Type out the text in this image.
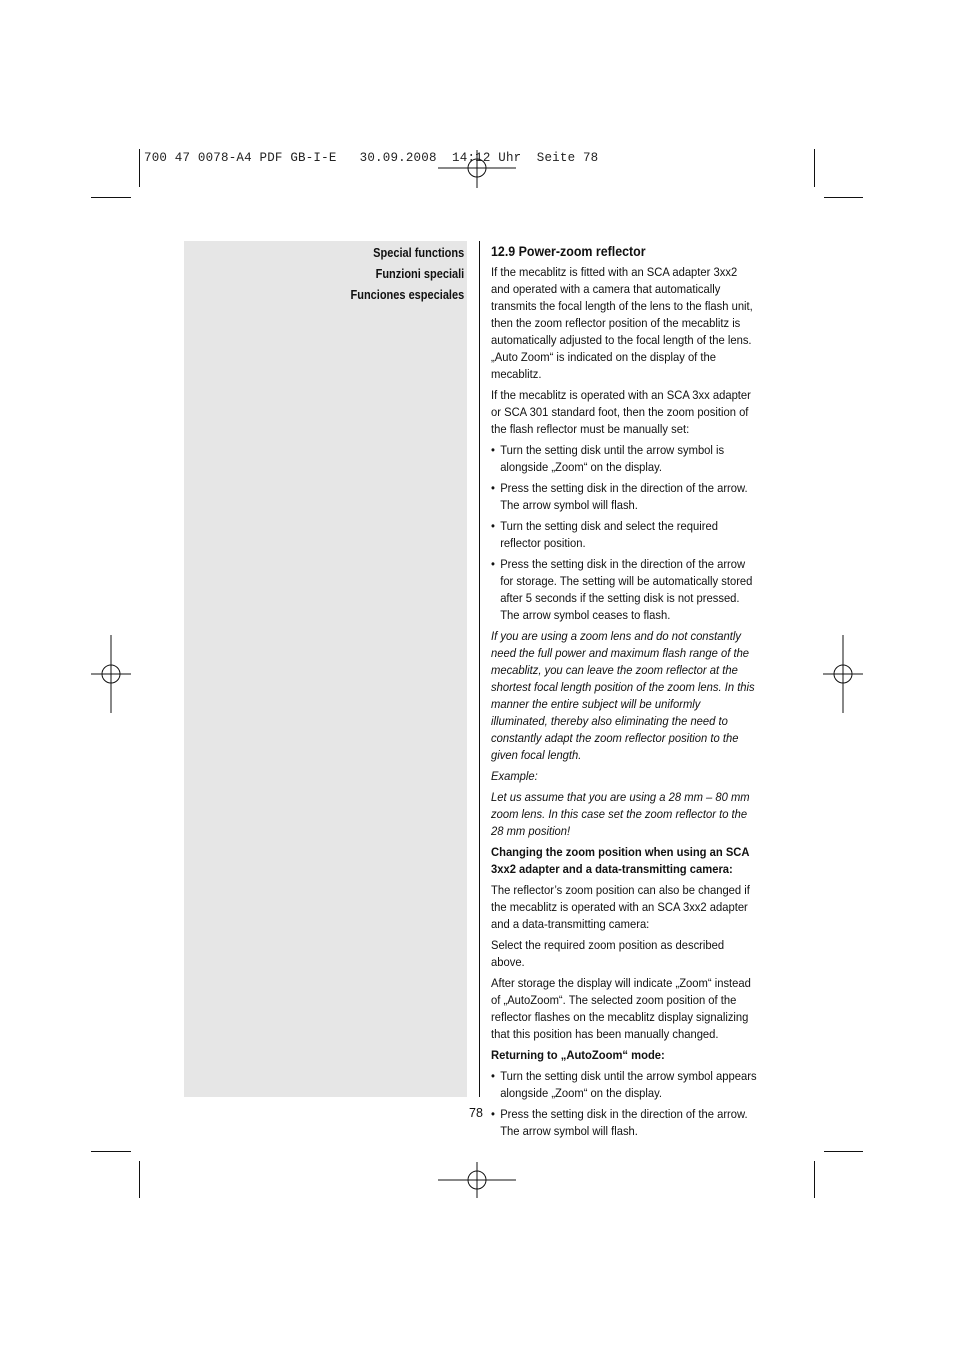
700 47 0078-A4 PDF GB-I-E   30.09.2008  14:12 Uhr  Seite 78
Special functions
Funzioni speciali
Funciones especiales
12.9 Power-zoom reflector
If the mecablitz is fitted with an SCA adapter 3xx2 and operated with a camera that automatically transmits the focal length of the lens to the flash unit, then the zoom reflector position of the mecablitz is automatically adjusted to the focal length of the lens. „Auto Zoom“ is indicated on the display of the mecablitz.
If the mecablitz is operated with an SCA 3xx adapter or SCA 301 standard foot, then the zoom position of the flash reflector must be manually set:
• Turn the setting disk until the arrow symbol is alongside „Zoom“ on the display.
• Press the setting disk in the direction of the arrow. The arrow symbol will flash.
• Turn the setting disk and select the required reflector position.
• Press the setting disk in the direction of the arrow for storage. The setting will be automatically stored after 5 seconds if the setting disk is not pressed. The arrow symbol ceases to flash.
If you are using a zoom lens and do not constantly need the full power and maximum flash range of the mecablitz, you can leave the zoom reflector at the shortest focal length position of the zoom lens. In this manner the entire subject will be uniformly illuminated, thereby also eliminating the need to constantly adapt the zoom reflector position to the given focal length.
Example:
Let us assume that you are using a 28 mm – 80 mm zoom lens. In this case set the zoom reflector to the 28 mm position!
Changing the zoom position when using an SCA 3xx2 adapter and a data-transmitting camera:
The reflector’s zoom position can also be changed if the mecablitz is operated with an SCA 3xx2 adapter and a data-transmitting camera:
Select the required zoom position as described above.
After storage the display will indicate „Zoom“ instead of „AutoZoom“. The selected zoom position of the reflector flashes on the mecablitz display signalizing that this position has been manually changed.
Returning to „AutoZoom“ mode:
• Turn the setting disk until the arrow symbol appears alongside „Zoom“ on the display.
• Press the setting disk in the direction of the arrow. The arrow symbol will flash.
78
